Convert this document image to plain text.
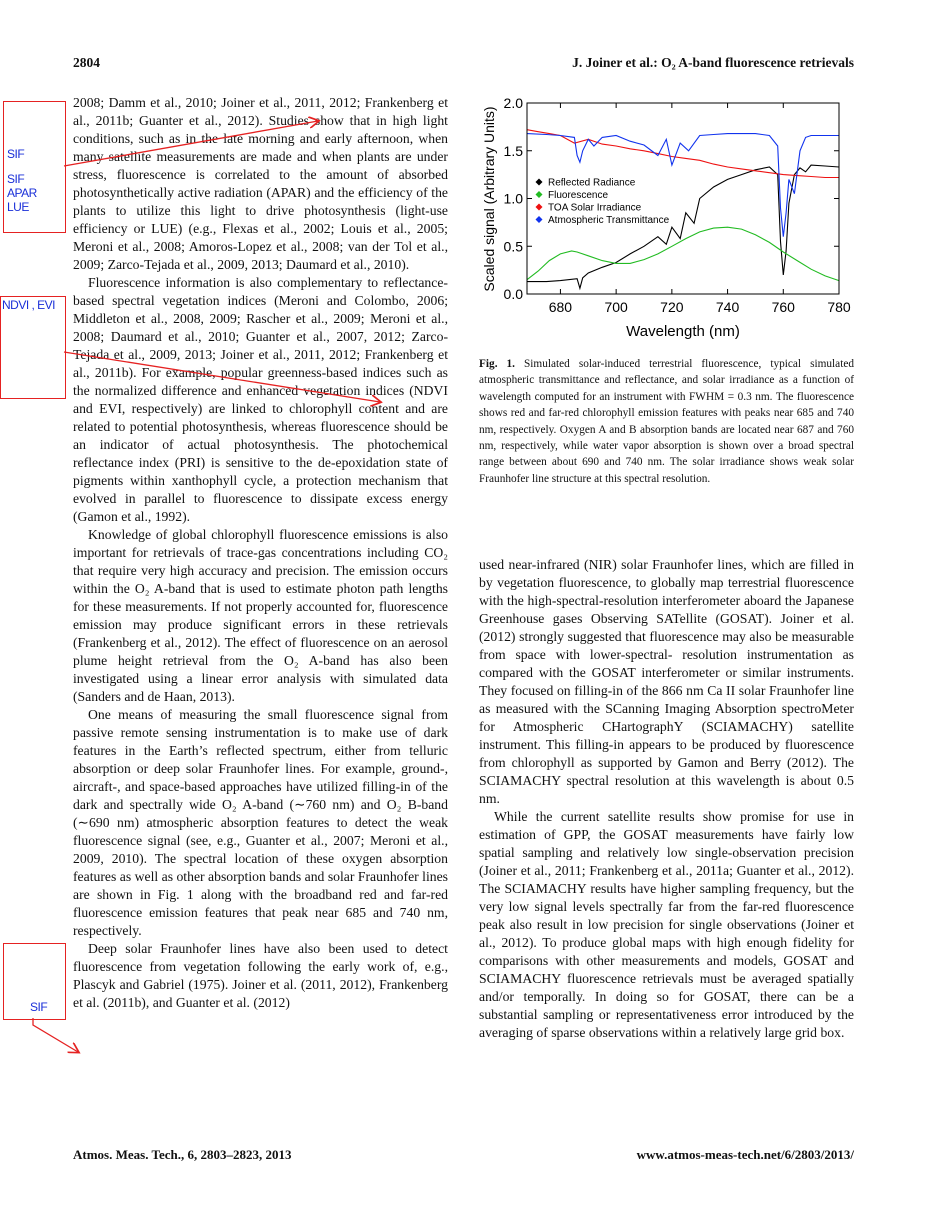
2804	J. Joiner et al.: O₂ A-band fluorescence retrievals

2008; Damm et al., 2010; Joiner et al., 2011, 2012; Frankenberg et al., 2011b; Guanter et al., 2012). Studies show that in high light conditions, such as in the late morning and early afternoon, when many satellite measurements are made and when plants are under stress, fluorescence is correlated to the amount of absorbed photosynthetically active radiation (APAR) and the efficiency of the plants to utilize this light to drive photosynthesis (light-use efficiency or LUE) (e.g., Flexas et al., 2002; Louis et al., 2005; Meroni et al., 2008; Amoros-Lopez et al., 2008; van der Tol et al., 2009; Zarco-Tejada et al., 2009, 2013; Daumard et al., 2010).

Fluorescence information is also complementary to reflectance-based spectral vegetation indices (Meroni and Colombo, 2006; Middleton et al., 2008, 2009; Rascher et al., 2009; Meroni et al., 2008; Daumard et al., 2010; Guanter et al., 2007, 2012; Zarco-Tejada et al., 2009, 2013; Joiner et al., 2011, 2012; Frankenberg et al., 2011b). For example, popular greenness-based indices such as the normalized difference and enhanced vegetation indices (NDVI and EVI, respectively) are linked to chlorophyll content and are related to potential photosynthesis, whereas fluorescence should be an indicator of actual photosynthesis. The photochemical reflectance index (PRI) is sensitive to the de-epoxidation state of pigments within xanthophyll cycle, a protection mechanism that evolved in parallel to fluorescence to dissipate excess energy (Gamon et al., 1992).

Knowledge of global chlorophyll fluorescence emissions is also important for retrievals of trace-gas concentrations including CO₂ that require very high accuracy and precision. The emission occurs within the O₂ A-band that is used to estimate photon path lengths for these measurements. If not properly accounted for, fluorescence emission may produce significant errors in these retrievals (Frankenberg et al., 2012). The effect of fluorescence on an aerosol plume height retrieval from the O₂ A-band has also been investigated using a linear error analysis with simulated data (Sanders and de Haan, 2013).

One means of measuring the small fluorescence signal from passive remote sensing instrumentation is to make use of dark features in the Earth’s reflected spectrum, either from telluric absorption or deep solar Fraunhofer lines. For example, ground-, aircraft-, and space-based approaches have utilized filling-in of the dark and spectrally wide O₂ A-band (∼760 nm) and O₂ B-band (∼690 nm) atmospheric absorption features to detect the weak fluorescence signal (see, e.g., Guanter et al., 2007; Meroni et al., 2009, 2010). The spectral location of these oxygen absorption features as well as other absorption bands and solar Fraunhofer lines are shown in Fig. 1 along with the broadband red and far-red fluorescence emission features that peak near 685 and 740 nm, respectively.

Deep solar Fraunhofer lines have also been used to detect fluorescence from vegetation following the early work of, e.g., Plascyk and Gabriel (1975). Joiner et al. (2011, 2012), Frankenberg et al. (2011b), and Guanter et al. (2012)

680 700 720 740 760 780
0.0
0.5
1.0
1.5
2.0
Reflected Radiance
Fluorescence
TOA Solar Irradiance
Atmospheric Transmittance
Wavelength (nm)
Scaled signal (Arbitrary Units)
Fig. 1. Simulated solar-induced terrestrial fluorescence, typical simulated atmospheric transmittance and reflectance, and solar irradiance as a function of wavelength computed for an instrument with FWHM = 0.3 nm. The fluorescence shows red and far-red chlorophyll emission features with peaks near 685 and 740 nm, respectively. Oxygen A and B absorption bands are located near 687 and 760 nm, respectively, while water vapor absorption is shown over a broad spectral range between about 690 and 740 nm. The solar irradiance shows weak solar Fraunhofer line structure at this spectral resolution.

used near-infrared (NIR) solar Fraunhofer lines, which are filled in by vegetation fluorescence, to globally map terrestrial fluorescence with the high-spectral-resolution interferometer aboard the Japanese Greenhouse gases Observing SATellite (GOSAT). Joiner et al. (2012) strongly suggested that fluorescence may also be measurable from space with lower-spectral- resolution instrumentation as compared with the GOSAT interferometer or similar instruments. They focused on filling-in of the 866 nm Ca II solar Fraunhofer line as measured with the SCanning Imaging Absorption spectroMeter for Atmospheric CHartographY (SCIAMACHY) satellite instrument. This filling-in appears to be produced by fluorescence from chlorophyll as supported by Gamon and Berry (2012). The SCIAMACHY spectral resolution at this wavelength is about 0.5 nm.

While the current satellite results show promise for use in estimation of GPP, the GOSAT measurements have fairly low spatial sampling and relatively low single-observation precision (Joiner et al., 2011; Frankenberg et al., 2011a; Guanter et al., 2012). The SCIAMACHY results have higher sampling frequency, but the very low signal levels spectrally far from the far-red fluorescence peak also result in low precision for single observations (Joiner et al., 2012). To produce global maps with high enough fidelity for comparisons with other measurements and models, GOSAT and SCIAMACHY fluorescence retrievals must be averaged spatially and/or temporally. In doing so for GOSAT, there can be a substantial sampling or representativeness error introduced by the averaging of sparse observations within a relatively large grid box.

Atmos. Meas. Tech., 6, 2803–2823, 2013	www.atmos-meas-tech.net/6/2803/2013/
SIF
SIF
APAR
LUE
NDVI , EVI
SIF
